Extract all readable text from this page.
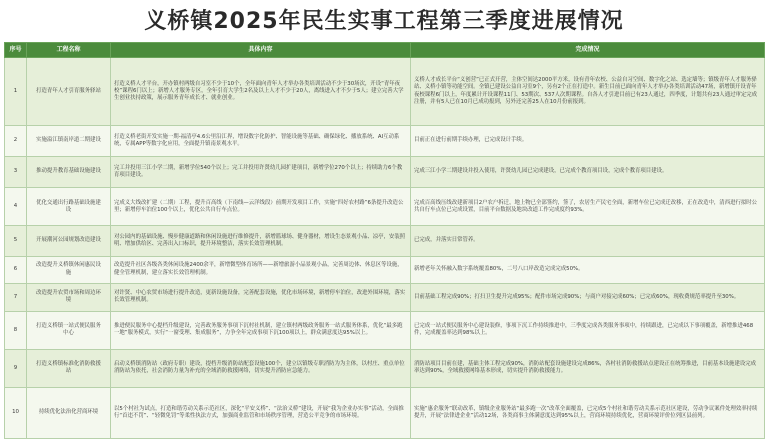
义桥镇2025年民生实事工程第三季度进展情况
序号	工程名称	具体内容	完成情况
1	打造青年人才引育服务驿站	打造义桥人才平台，开办镇村两级自习室不少于10个，全年面向青年人才举办各类培训活动不少于30场次，开设“青年夜校”课程6门以上；新增人才服务专区，全年引育大学生2名及以上人才不少于20人，离线进入才不少于5人；建立完善大学生创业扶持政策，展示服务青年成长才、就业创业。	义桥人才成长平台“义创营”已正式开营，主体空间达2000平方米，设有青年农校、公益自习空间、数字化之站、选定墙等；镇级青年人才服务驿站、义桥小镇等功能空间。全镇已建设公益自习室9个，另有2个正在打造中。新生目前已面向青年人才举办各类培训活动47场，新增镇开设青年夜校课程6门以上，年度累计开设课程11门、53期次、537人次期课程。自各人才引进目前已有23人通过，四季度，计划共有23人通过审定完成注册，并有5人已在10月已成功报到，另外还完善25人在10月份前报到。
2	实施溢江镇南岸道二期建设	打造义桥老街开发实施一期-福清亭4.6公里沿江界，增设数字化防护、智能设施等基础、确保绿化、播放系统、AI互动系统，专属APP等数字化应用，全面提升镇南景观水平。	目前正在进行前期手续办理，已完成设计手续。
3	推动提升教育基础设施建设	完工并投用三江小学二期，新增学位540个以上；完工并投用许贤幼儿园扩建项目，新增学位270个以上；持续助力6个教育项目建设。	完成三江小学二期建设并投入使用，许贤幼儿园已完成建设，已完成个教育项目设，完成个教育项目建设。
4	优化交通出行路基础设施建设	完成义大线改扩建（二期）工程，提升百高线（下南线—云洋线段）前期开发项目工作，实施“四好农村路”6条提升改造公里；新增停车泊位100个以上，优化公共自行车点位。	完成百高线压线改建新项目2户农户拆迁，地上物已全部签约，签了，农居生产民宅全面，新增车位已完成迁改移，正在改造中，清西进行拟时公共自行车点位已完成设置，目前平台数据及地块改道工作完成度约93%。
5	开展潮河公园规划改造建设	对公园内的基础设施、慢步健康道路和休闲设施进行维修提升，新增篮球场、健身器材，增设生态景观小品、凉亭，安装照明、增加供给区、完善出入口标识，提升环境整洁，落实长效管理机制。	已完成，并落实日常管养。
6	改造提升义桥镇休闲惠民设施	改造提升社区各级各类休闲设施2400余平，新增微型体育场所——新增旅游小品景观小品，完善周边体、休息区等设施，健全管理机制，建立落实长效管理机制。	新增老年关怀融入数字系统覆盖80%，二号八口岸改造完成完成50%。
7	改造提升农贸市场和周边环境	对许贤、中心农贸市场进行提升改造，更新设施设备，完善配套设施，优化市场环境，新增停车泊位，改进外围环境，落实长效管理机制。	目前基础工程完成90%；打扫卫生提升完成95%；配件市场完成90%；与商户对接完成60%；已完成60%，现收费规范率提升至30%。
8	打造义桥镇一站式便民服务中心	推进便民服务中心提档升级建设，完善政务服务事项下沉村社机制，建立镇村两级政务服务一站式服务体系，优化“最多跑一地”服务模式，实行“一窗受理、集成服务”，力争全年完成事项下沉100项以上，群众满意度达95%以上。	已完成一站式便民服务中心建设装修，事项下沉工作持续推进中，三季度完成各类服务事项中，持续跟进，已完成以下事项覆盖，新增推进468件，完成覆盖率达到98%以上。
9	打造义桥镇标准化消防救援站	启动义桥镇消防站（政府专职）建设，提档升级消防站配套设施100个，建立以镇级专职消防为为主体，以村庄、重点单位消防站为依托，社会消防力量为补充的全域消防救援网络，切实提升消防应急能力。	消防站项目目前在建，基础主体工程完成90%，消防站配套设施建设完成86%，各村社消防救援站点建设正在统筹推进，目前基本设施建设完成率达到90%，全域救援网络基本形成，切实提升消防救援能力。
10	持续优化法治化营商环境	以5个村社为试点，打造和谐劳动关系示范社区，深化“平安义桥”、“法治义桥”建设，开展“我为企业办实事”活动，全面推行“首违不罚”、“轻微免罚”等柔性执法方式，加强商业监管和市场秩序管理，营造公平竞争的市场环境。	实施“惠企服务”联动改革，镇级企业服务站“最多跑一次”改革全面覆盖，已完成5个村社和谐劳动关系示范社区建设，劳动争议案件处理效率持续提升，开展“法律进企业”活动12场，各类商事主体满意度达到95%以上，营商环境持续优化，营商环境评价位列区县前列。
